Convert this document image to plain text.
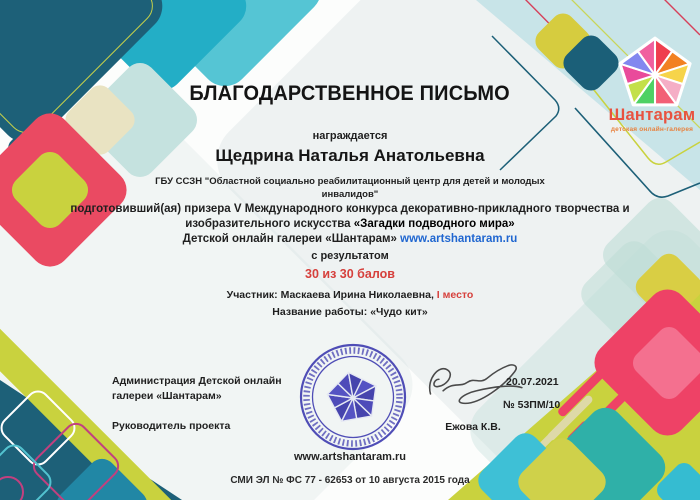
Шантарам
детская онлайн-галерея
БЛАГОДАРСТВЕННОЕ ПИСЬМО
награждается
Щедрина Наталья Анатольевна
ГБУ ССЗН "Областной социально реабилитационный центр для детей и молодых инвалидов"
подготовивший(ая) призера V Международного конкурса декоративно-прикладного творчества и
изобразительного искусства «Загадки подводного мира»
Детской онлайн галереи «Шантарам» www.artshantaram.ru
с результатом
30 из 30 балов
Участник: Маскаева Ирина Николаевна, I место
Название работы: «Чудо кит»
Администрация Детской онлайн галереи «Шантарам»
Руководитель проекта	Ежова К.В.
20.07.2021
№ 53ПМ/10
www.artshantaram.ru
СМИ ЭЛ № ФС 77 - 62653 от 10 августа 2015 года
